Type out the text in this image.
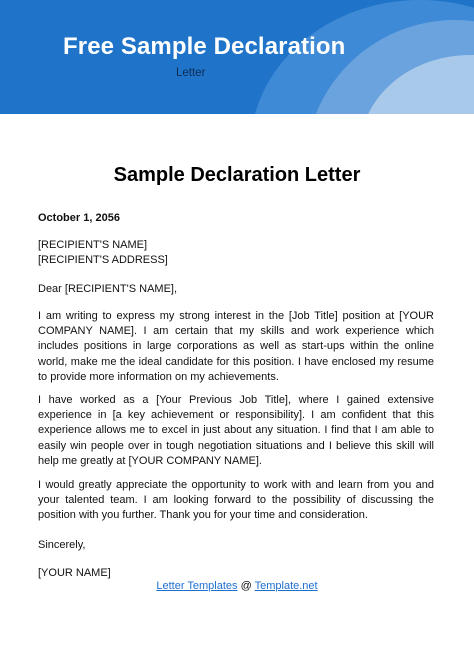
Free Sample Declaration
Letter
Sample Declaration Letter
October 1, 2056
[RECIPIENT'S NAME]
[RECIPIENT'S ADDRESS]
Dear [RECIPIENT'S NAME],
I am writing to express my strong interest in the [Job Title] position at [YOUR COMPANY NAME]. I am certain that my skills and work experience which includes positions in large corporations as well as start-ups within the online world, make me the ideal candidate for this position. I have enclosed my resume to provide more information on my achievements.
I have worked as a [Your Previous Job Title], where I gained extensive experience in [a key achievement or responsibility]. I am confident that this experience allows me to excel in just about any situation. I find that I am able to easily win people over in tough negotiation situations and I believe this skill will help me greatly at [YOUR COMPANY NAME].
I would greatly appreciate the opportunity to work with and learn from you and your talented team. I am looking forward to the possibility of discussing the position with you further. Thank you for your time and consideration.
Sincerely,
[YOUR NAME]
Letter Templates @ Template.net
